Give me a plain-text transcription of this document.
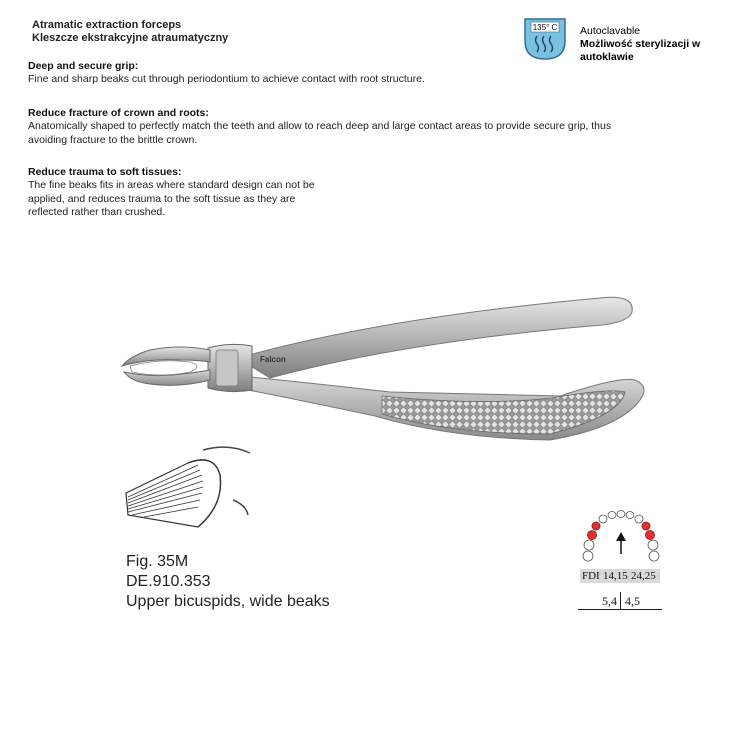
Atramatic extraction forceps
Kleszcze ekstrakcyjne atraumatyczny
135° C Autoclavable
Możliwość sterylizacji w autoklawie
Deep and secure grip:
Fine and sharp beaks cut through periodontium to achieve contact with root structure.
Reduce fracture of crown and roots:
Anatomically shaped to perfectly match the teeth and allow to reach deep and large contact areas to provide secure grip, thus
avoiding fracture to the brittle crown.
Reduce trauma to soft tissues:
The fine beaks fits in areas where standard design can not be
applied, and reduces trauma to the soft tissue as they are
reflected rather than crushed.
Falcon
Fig. 35M
DE.910.353
Upper bicuspids, wide beaks
FDI 14,15 24,25
5,4 4,5
